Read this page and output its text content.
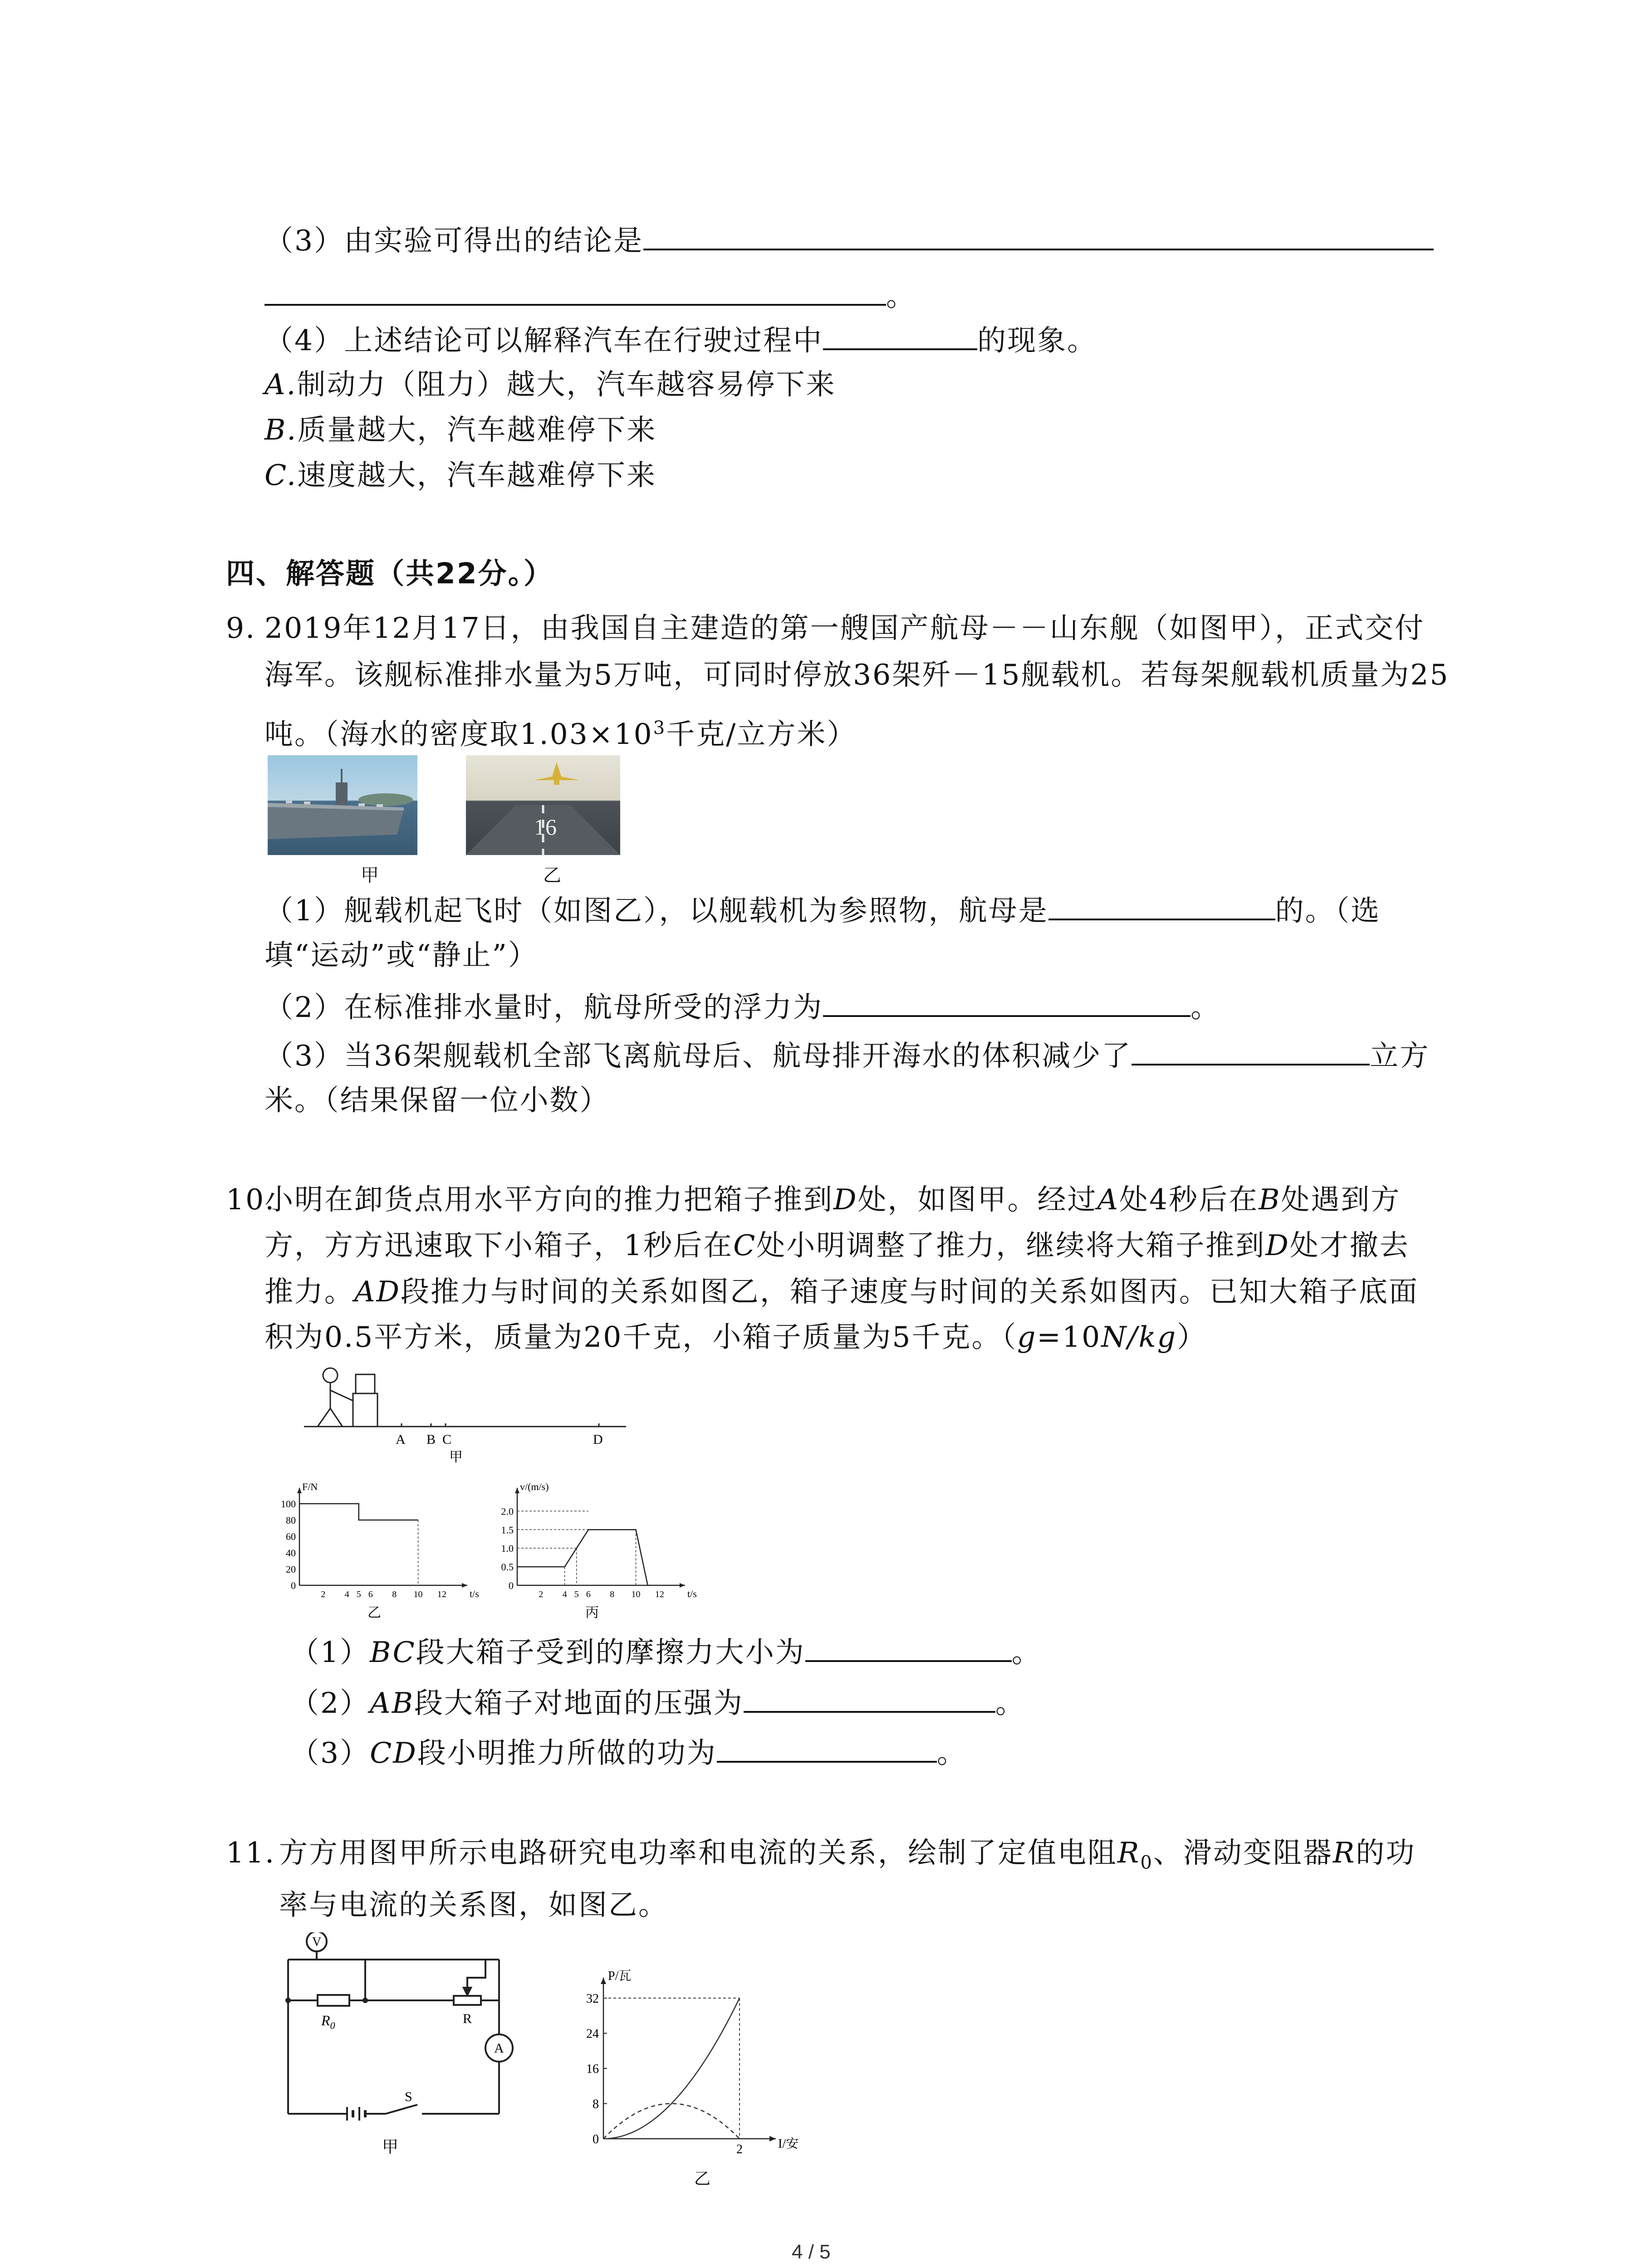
（3）由实验可得出的结论是
。
（4）上述结论可以解释汽车在行驶过程中	的现象。
A.制动力（阻力）越大，汽车越容易停下来
B.质量越大，汽车越难停下来
C.速度越大，汽车越难停下来
四、解答题（共22分。）
9. 2019年12月17日，由我国自主建造的第一艘国产航母－－山东舰（如图甲），正式交付
海军。该舰标准排水量为5万吨，可同时停放36架歼－15舰载机。若每架舰载机质量为25
吨。（海水的密度取$1.03\times 10^3$千克/立方米）
16
甲	乙
（1）舰载机起飞时（如图乙），以舰载机为参照物，航母是	的。（选
填“运动”或“静止”）
（2）在标准排水量时，航母所受的浮力为	。
（3）当36架舰载机全部飞离航母后、航母排开海水的体积减少了	立方
米。（结果保留一位小数）
10.
小明在卸货点用水平方向的推力把箱子推到D处，如图甲。经过A处4秒后在B处遇到方
方，方方迅速取下小箱子，1秒后在C处小明调整了推力，继续将大箱子推到D处才撤去
推力。AD段推力与时间的关系如图乙，箱子速度与时间的关系如图丙。已知大箱子底面
积为0.5平方米，质量为20千克，小箱子质量为5千克。（g=10N/kg）
A B C	D
甲
F/N
t/s
0
20
40
60
80
100
2 4 5 6 8 10 12
乙
v/(m/s)
t/s
0
0.5
1.0
1.5
2.0
2 4 5 6 8 10 12
丙
（1）BC段大箱子受到的摩擦力大小为	。
（2）AB段大箱子对地面的压强为	。
（3）CD段小明推力所做的功为	。
11. 方方用图甲所示电路研究电功率和电流的关系，绘制了定值电阻$R_0$、滑动变阻器R的功
率与电流的关系图，如图乙。
V
A
$R_0$	R
S
甲
P/瓦
I/安
0
8
16
24
32
2
乙
4 / 5
